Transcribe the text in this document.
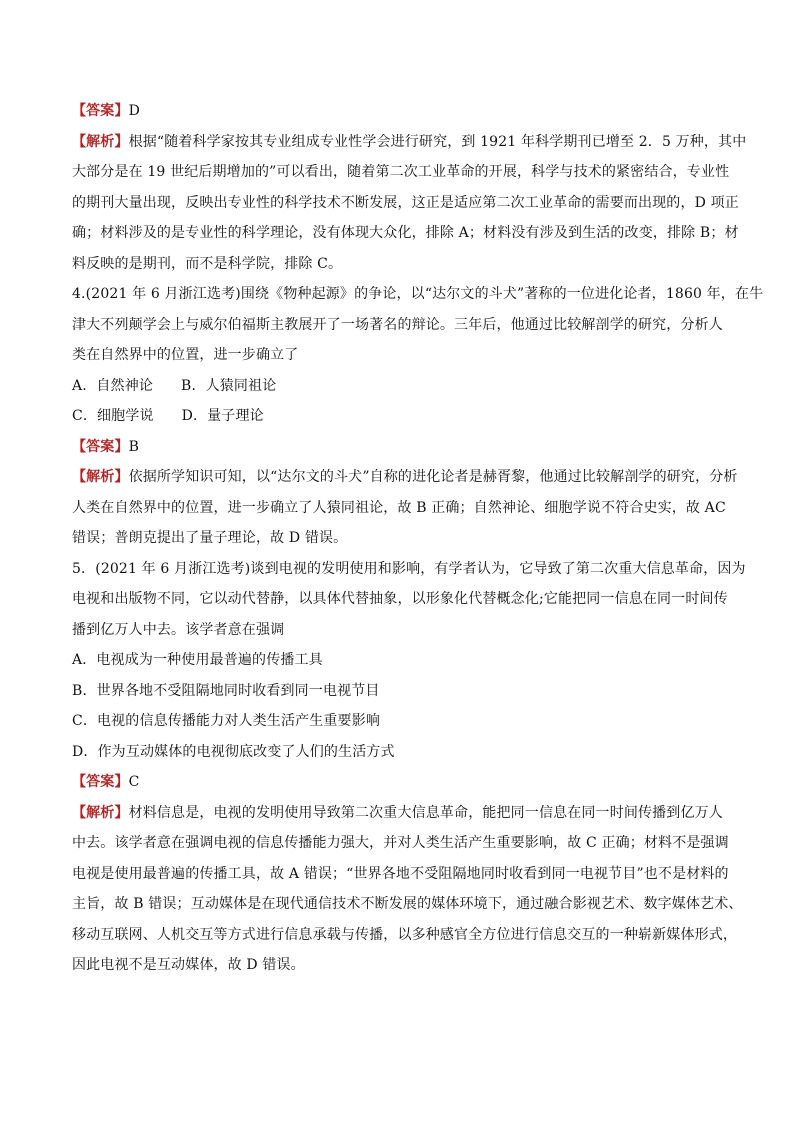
【答案】D
【解析】根据“随着科学家按其专业组成专业性学会进行研究，到 1921 年科学期刊已增至 2．5 万种，其中
大部分是在 19 世纪后期增加的”可以看出，随着第二次工业革命的开展，科学与技术的紧密结合，专业性
的期刊大量出现，反映出专业性的科学技术不断发展，这正是适应第二次工业革命的需要而出现的，D 项正
确；材料涉及的是专业性的科学理论，没有体现大众化，排除 A；材料没有涉及到生活的改变，排除 B；材
料反映的是期刊，而不是科学院，排除 C。
4.(2021 年 6 月浙江选考)围绕《物种起源》的争论，以“达尔文的斗犬”著称的一位进化论者，1860 年，在牛
津大不列颠学会上与威尔伯福斯主教展开了一场著名的辩论。三年后，他通过比较解剖学的研究，分析人
类在自然界中的位置，进一步确立了
A．自然神论 B．人猿同祖论
C．细胞学说 D．量子理论
【答案】B
【解析】依据所学知识可知，以“达尔文的斗犬”自称的进化论者是赫胥黎，他通过比较解剖学的研究，分析
人类在自然界中的位置，进一步确立了人猿同祖论，故 B 正确；自然神论、细胞学说不符合史实，故 AC
错误；普朗克提出了量子理论，故 D 错误。
5．(2021 年 6 月浙江选考)谈到电视的发明使用和影响，有学者认为，它导致了第二次重大信息革命，因为
电视和出版物不同，它以动代替静，以具体代替抽象，以形象化代替概念化;它能把同一信息在同一时间传
播到亿万人中去。该学者意在强调
A．电视成为一种使用最普遍的传播工具
B．世界各地不受阻隔地同时收看到同一电视节目
C．电视的信息传播能力对人类生活产生重要影响
D．作为互动媒体的电视彻底改变了人们的生活方式
【答案】C
【解析】材料信息是，电视的发明使用导致第二次重大信息革命，能把同一信息在同一时间传播到亿万人
中去。该学者意在强调电视的信息传播能力强大，并对人类生活产生重要影响，故 C 正确；材料不是强调
电视是使用最普遍的传播工具，故 A 错误；“世界各地不受阻隔地同时收看到同一电视节目”也不是材料的
主旨，故 B 错误；互动媒体是在现代通信技术不断发展的媒体环境下，通过融合影视艺术、数字媒体艺术、
移动互联网、人机交互等方式进行信息承载与传播，以多种感官全方位进行信息交互的一种崭新媒体形式，
因此电视不是互动媒体，故 D 错误。
